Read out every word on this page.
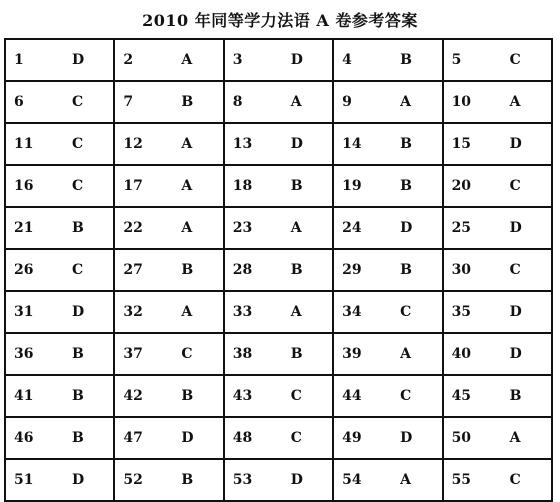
2010 年同等学力法语 A 卷参考答案
1 D	2 A	3 D	4 B	5 C

6 C	7 B	8 A	9 A	10 A

11 C	12 A	13 D	14 B	15 D

16 C	17 A	18 B	19 B	20 C

21 B	22 A	23 A	24 D	25 D

26 C	27 B	28 B	29 B	30 C

31 D	32 A	33 A	34 C	35 D

36 B	37 C	38 B	39 A	40 D

41 B	42 B	43 C	44 C	45 B

46 B	47 D	48 C	49 D	50 A

51 D	52 B	53 D	54 A	55 C
